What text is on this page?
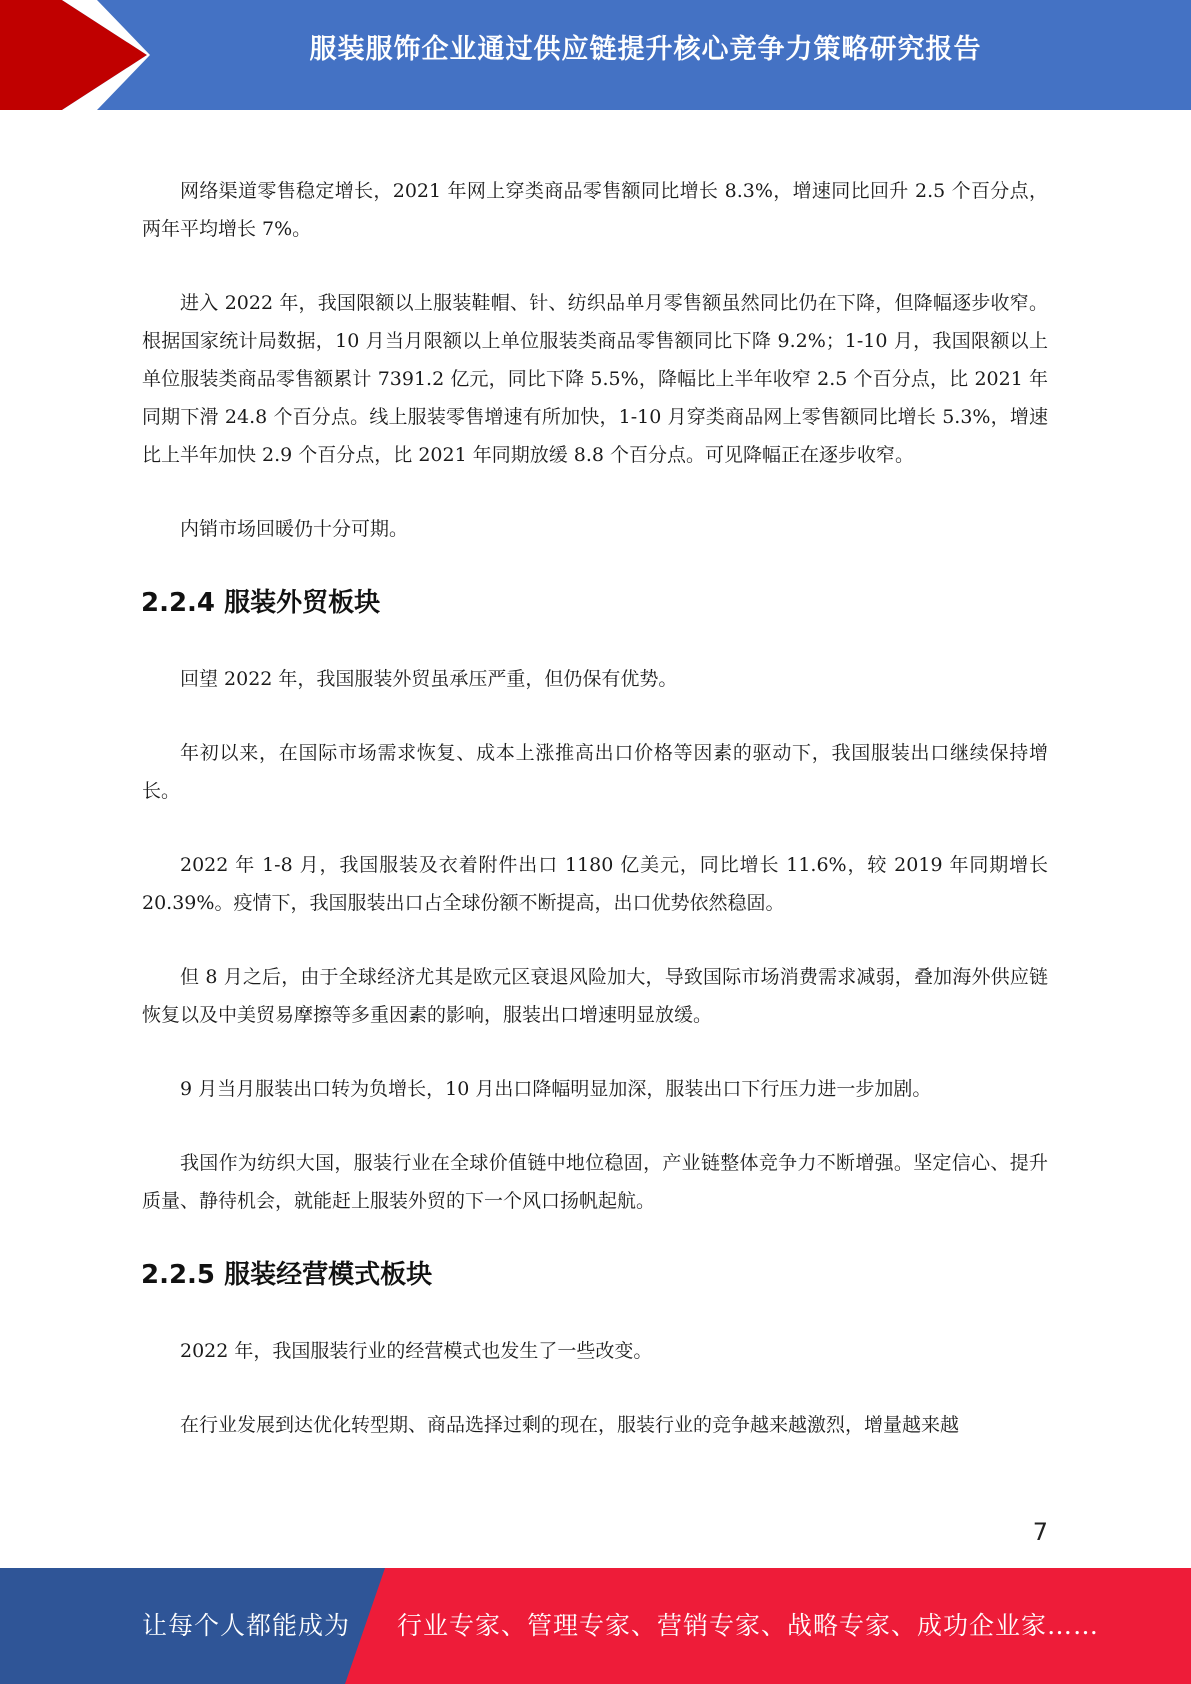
服装服饰企业通过供应链提升核心竞争力策略研究报告

网络渠道零售稳定增长，2021 年网上穿类商品零售额同比增长 8.3%，增速同比回升 2.5 个百分点，两年平均增长 7%。

进入 2022 年，我国限额以上服装鞋帽、针、纺织品单月零售额虽然同比仍在下降，但降幅逐步收窄。根据国家统计局数据，10 月当月限额以上单位服装类商品零售额同比下降 9.2%；1-10 月，我国限额以上单位服装类商品零售额累计 7391.2 亿元，同比下降 5.5%，降幅比上半年收窄 2.5 个百分点，比 2021 年同期下滑 24.8 个百分点。线上服装零售增速有所加快，1-10 月穿类商品网上零售额同比增长 5.3%，增速比上半年加快 2.9 个百分点，比 2021 年同期放缓 8.8 个百分点。可见降幅正在逐步收窄。

内销市场回暖仍十分可期。

2.2.4 服装外贸板块

回望 2022 年，我国服装外贸虽承压严重，但仍保有优势。

年初以来，在国际市场需求恢复、成本上涨推高出口价格等因素的驱动下，我国服装出口继续保持增长。

2022 年 1-8 月，我国服装及衣着附件出口 1180 亿美元，同比增长 11.6%，较 2019 年同期增长 20.39%。疫情下，我国服装出口占全球份额不断提高，出口优势依然稳固。

但 8 月之后，由于全球经济尤其是欧元区衰退风险加大，导致国际市场消费需求减弱，叠加海外供应链恢复以及中美贸易摩擦等多重因素的影响，服装出口增速明显放缓。

9 月当月服装出口转为负增长，10 月出口降幅明显加深，服装出口下行压力进一步加剧。

我国作为纺织大国，服装行业在全球价值链中地位稳固，产业链整体竞争力不断增强。坚定信心、提升质量、静待机会，就能赶上服装外贸的下一个风口扬帆起航。

2.2.5 服装经营模式板块

2022 年，我国服装行业的经营模式也发生了一些改变。

在行业发展到达优化转型期、商品选择过剩的现在，服装行业的竞争越来越激烈，增量越来越

7
让每个人都能成为 行业专家、管理专家、营销专家、战略专家、成功企业家……
